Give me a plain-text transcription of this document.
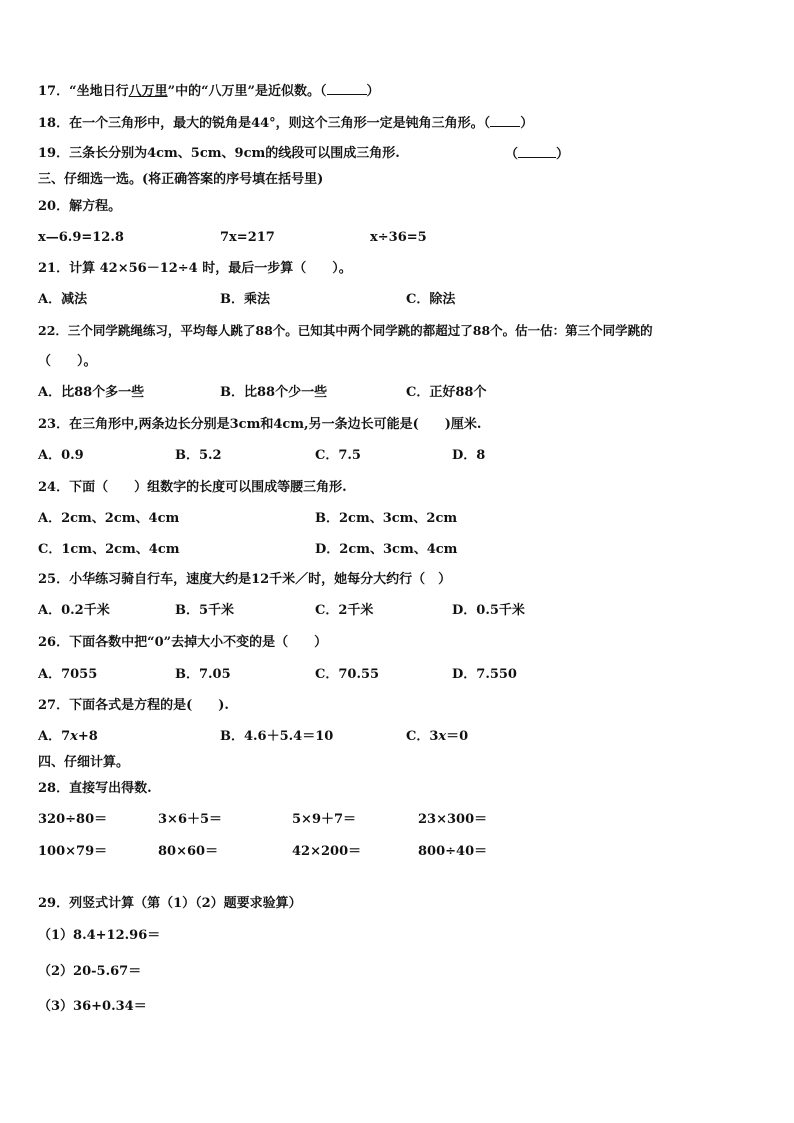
17．“坐地日行八万里”中的“八万里”是近似数。（	）
18．在一个三角形中，最大的锐角是44°，则这个三角形一定是钝角三角形。（ ）
19．三条长分别为4cm、5cm、9cm的线段可以围成三角形.	（	）
三、仔细选一选。(将正确答案的序号填在括号里)
20．解方程。
x—6.9=12.8	7x=217	x÷36=5
21．计算 42×56－12÷4 时，最后一步算（　　）。
A．减法	B．乘法	C．除法
22．三个同学跳绳练习，平均每人跳了88个。已知其中两个同学跳的都超过了88个。估一估：第三个同学跳的
（　　）。
A．比88个多一些	B．比88个少一些	C．正好88个
23．在三角形中,两条边长分别是3cm和4cm,另一条边长可能是(　　)厘米.
A．0.9	B．5.2	C．7.5	D．8
24．下面（　　）组数字的长度可以围成等腰三角形.
A．2cm、2cm、4cm	B．2cm、3cm、2cm
C．1cm、2cm、4cm	D．2cm、3cm、4cm
25．小华练习骑自行车，速度大约是12千米／时，她每分大约行（　）
A．0.2千米	B．5千米	C．2千米	D．0.5千米
26．下面各数中把“0”去掉大小不变的是（　　）
A．7055	B．7.05	C．70.55	D．7.550
27．下面各式是方程的是(　　).
A．7x+8	B．4.6＋5.4＝10	C．3x＝0
四、仔细计算。
28．直接写出得数.
320÷80＝	3×6＋5＝	5×9＋7＝	23×300＝
100×79＝	80×60＝	42×200＝	800÷40＝
29．列竖式计算（第（1）（2）题要求验算）
（1）8.4+12.96＝
（2）20-5.67＝
（3）36+0.34＝
